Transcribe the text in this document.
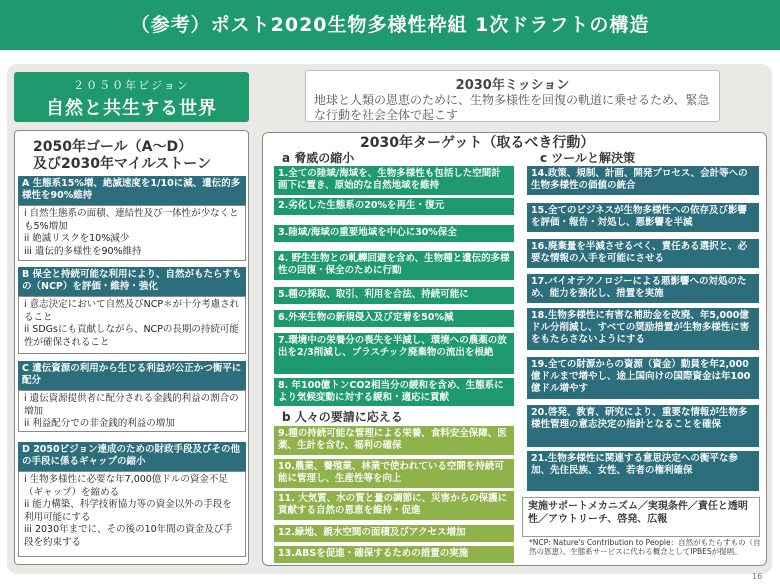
（参考）ポスト2020生物多様性枠組 1次ドラフトの構造
２０５０年ビジョン
自然と共生する世界
2030年ミッション
地球と人類の恩恵のために、生物多様性を回復の軌道に乗せるため、緊急な行動を社会全体で起こす
2050年ゴール（A～D）
及び2030年マイルストーン
A 生態系15%増、絶滅速度を1/10に減、遺伝的多様性を90%維持
i 自然生態系の面積、連結性及び一体性が少なくとも5%増加
ii 絶滅リスクを10%減少
iii 遺伝的多様性を90%維持
B 保全と持続可能な利用により、自然がもたらすもの（NCP）を評価・維持・強化
i 意志決定において自然及びNCP＊が十分考慮されること
ii SDGsにも貢献しながら、NCPの長期の持続可能性が確保されること
C 遺伝資源の利用から生じる利益が公正かつ衡平に配分
i 遺伝資源提供者に配分される金銭的利益の割合の増加
ii 利益配分での非金銭的利益の増加
D 2050ビジョン達成のための財政手段及びその他の手段に係るギャップの縮小
i 生物多様性に必要な年7,000億ドルの資金不足（ギャップ）を縮める
ii 能力構築、科学技術協力等の資金以外の手段を利用可能にする
iii 2030年までに、その後の10年間の資金及び手段を約束する
2030年ターゲット（取るべき行動）
a 脅威の縮小	c ツールと解決策
1.全ての陸域/海域を、生物多様性も包括した空間計画下に置き、原始的な自然地域を維持
2.劣化した生態系の20%を再生・復元
3.陸域/海域の重要地域を中心に30%保全
4. 野生生物との軋轢回避を含め、生物種と遺伝的多様性の回復・保全のために行動
5.種の採取、取引、利用を合法、持続可能に
6.外来生物の新規侵入及び定着を50%減
7.環境中の栄養分の喪失を半減し、環境への農薬の放出を2/3削減し、プラスチック廃棄物の流出を根絶
8. 年100億トンCO2相当分の緩和を含め、生態系により気候変動に対する緩和・適応に貢献
b 人々の要請に応える
9.種の持続可能な管理による栄養、食料安全保障、医薬、生計を含む、福利の確保
10.農業、養殖業、林業で使われている空間を持続可能に管理し、生産性等を向上
11. 大気質、水の質と量の調節に、災害からの保護に貢献する自然の恩恵を維持・促進
12.緑地、親水空間の面積及びアクセス増加
13.ABSを促進・確保するための措置の実施
14.政策、規制、計画、開発プロセス、会計等への生物多様性の価値の統合
15.全てのビジネスが生物多様性への依存及び影響を評価・報告・対処し、悪影響を半減
16.廃棄量を半減させるべく、責任ある選択と、必要な情報の入手を可能にさせる
17.バイオテクノロジーによる悪影響への対処のため、能力を強化し、措置を実施
18.生物多様性に有害な補助金を改廃、年5,000億ドル分削減し、すべての奨励措置が生物多様性に害をもたらさないようにする
19.全ての財源からの資源（資金）動員を年2,000億ドルまで増やし、途上国向けの国際資金は年100億ドル増やす
20.啓発、教育、研究により、重要な情報が生物多様性管理の意志決定の指針となることを確保
21.生物多様性に関連する意思決定への衡平な参加、先住民族、女性、若者の権利確保
実施サポートメカニズム／実現条件／責任と透明性／アウトリーチ、啓発、広報
*NCP: Nature's Contribution to People：自然がもたらすもの（自然の恩恵）。生態系サービスに代わる概念としてIPBESが提唱。
16
